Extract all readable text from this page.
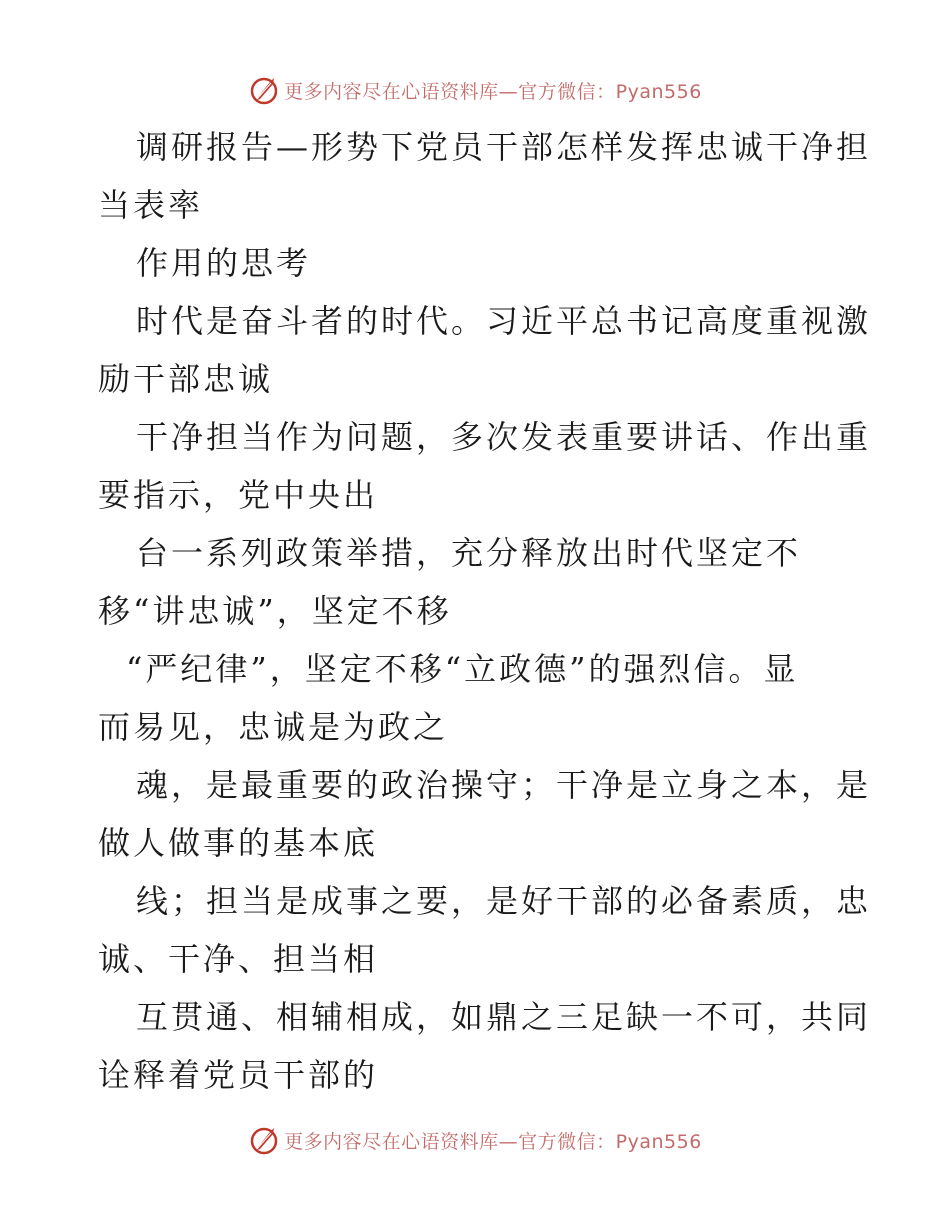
更多内容尽在心语资料库—官方微信：Pyan556
调研报告—形势下党员干部怎样发挥忠诚干净担
当表率
作用的思考
时代是奋斗者的时代。习近平总书记高度重视激
励干部忠诚
干净担当作为问题，多次发表重要讲话、作出重
要指示，党中央出
台一系列政策举措，充分释放出时代坚定不
移“讲忠诚”，坚定不移
“严纪律”，坚定不移“立政德”的强烈信。显
而易见，忠诚是为政之
魂，是最重要的政治操守；干净是立身之本，是
做人做事的基本底
线；担当是成事之要，是好干部的必备素质，忠
诚、干净、担当相
互贯通、相辅相成，如鼎之三足缺一不可，共同
诠释着党员干部的
更多内容尽在心语资料库—官方微信：Pyan556
